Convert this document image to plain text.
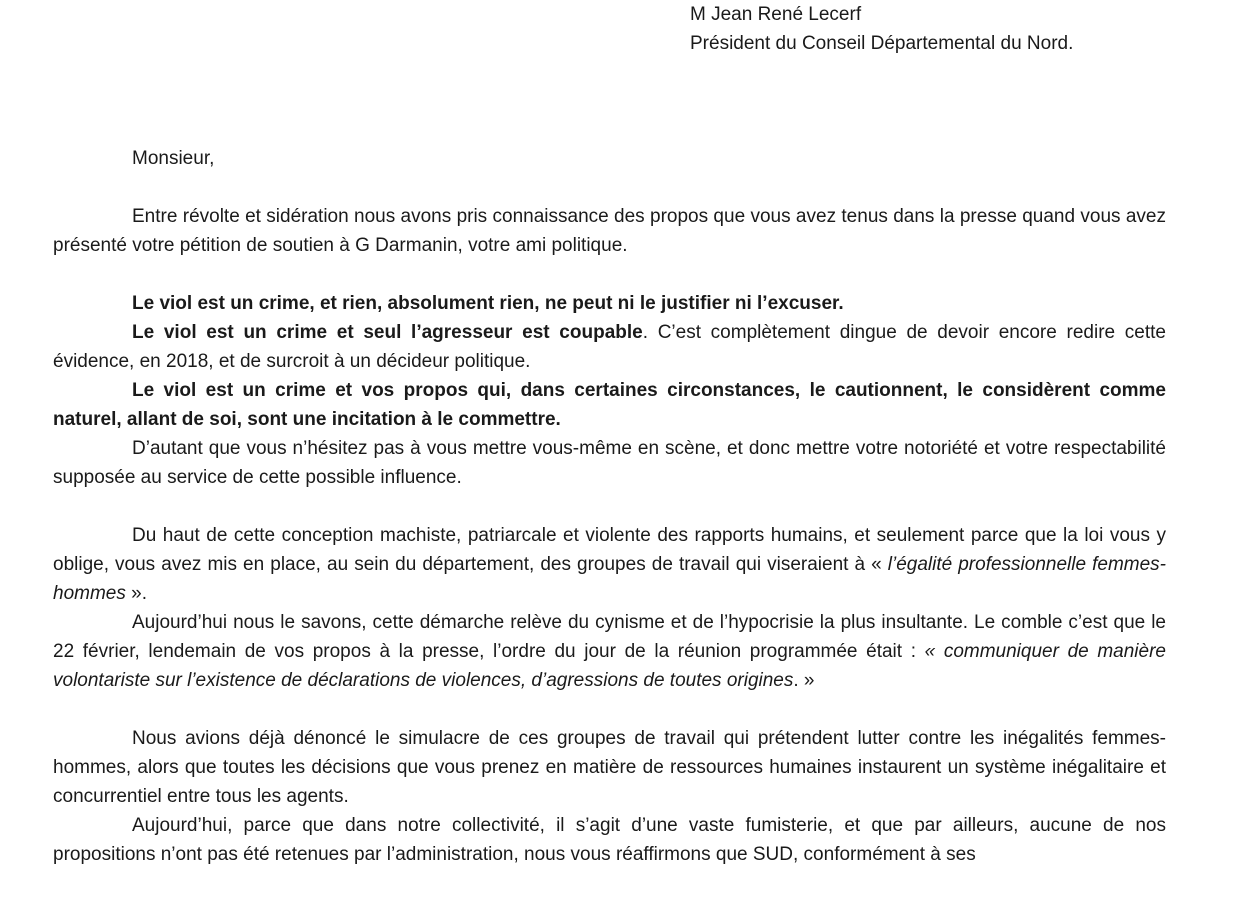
M Jean René Lecerf
Président du Conseil Départemental du Nord.
Monsieur,

Entre révolte et sidération nous avons pris connaissance des propos que vous avez tenus dans la presse quand vous avez présenté votre pétition de soutien à G Darmanin, votre ami politique.

Le viol est un crime, et rien, absolument rien, ne peut ni le justifier ni l’excuser.

Le viol est un crime et seul l’agresseur est coupable. C’est complètement dingue de devoir encore redire cette évidence, en 2018, et de surcroit à un décideur politique.

Le viol est un crime et vos propos qui, dans certaines circonstances, le cautionnent, le considèrent comme naturel, allant de soi, sont une incitation à le commettre.

D’autant que vous n’hésitez pas à vous mettre vous-même en scène, et donc mettre votre notoriété et votre respectabilité supposée au service de cette possible influence.

Du haut de cette conception machiste, patriarcale et violente des rapports humains, et seulement parce que la loi vous y oblige, vous avez mis en place, au sein du département, des groupes de travail qui viseraient à « l’égalité professionnelle femmes-hommes ».

Aujourd’hui nous le savons, cette démarche relève du cynisme et de l’hypocrisie la plus insultante. Le comble c’est que le 22 février, lendemain de vos propos à la presse, l’ordre du jour de la réunion programmée était : « communiquer de manière volontariste sur l’existence de déclarations de violences, d’agressions de toutes origines. »

Nous avions déjà dénoncé le simulacre de ces groupes de travail qui prétendent lutter contre les inégalités femmes-hommes, alors que toutes les décisions que vous prenez en matière de ressources humaines instaurent un système inégalitaire et concurrentiel entre tous les agents.

Aujourd’hui, parce que dans notre collectivité, il s’agit d’une vaste fumisterie, et que par ailleurs, aucune de nos propositions n’ont pas été retenues par l’administration, nous vous réaffirmons que SUD, conformément à ses
